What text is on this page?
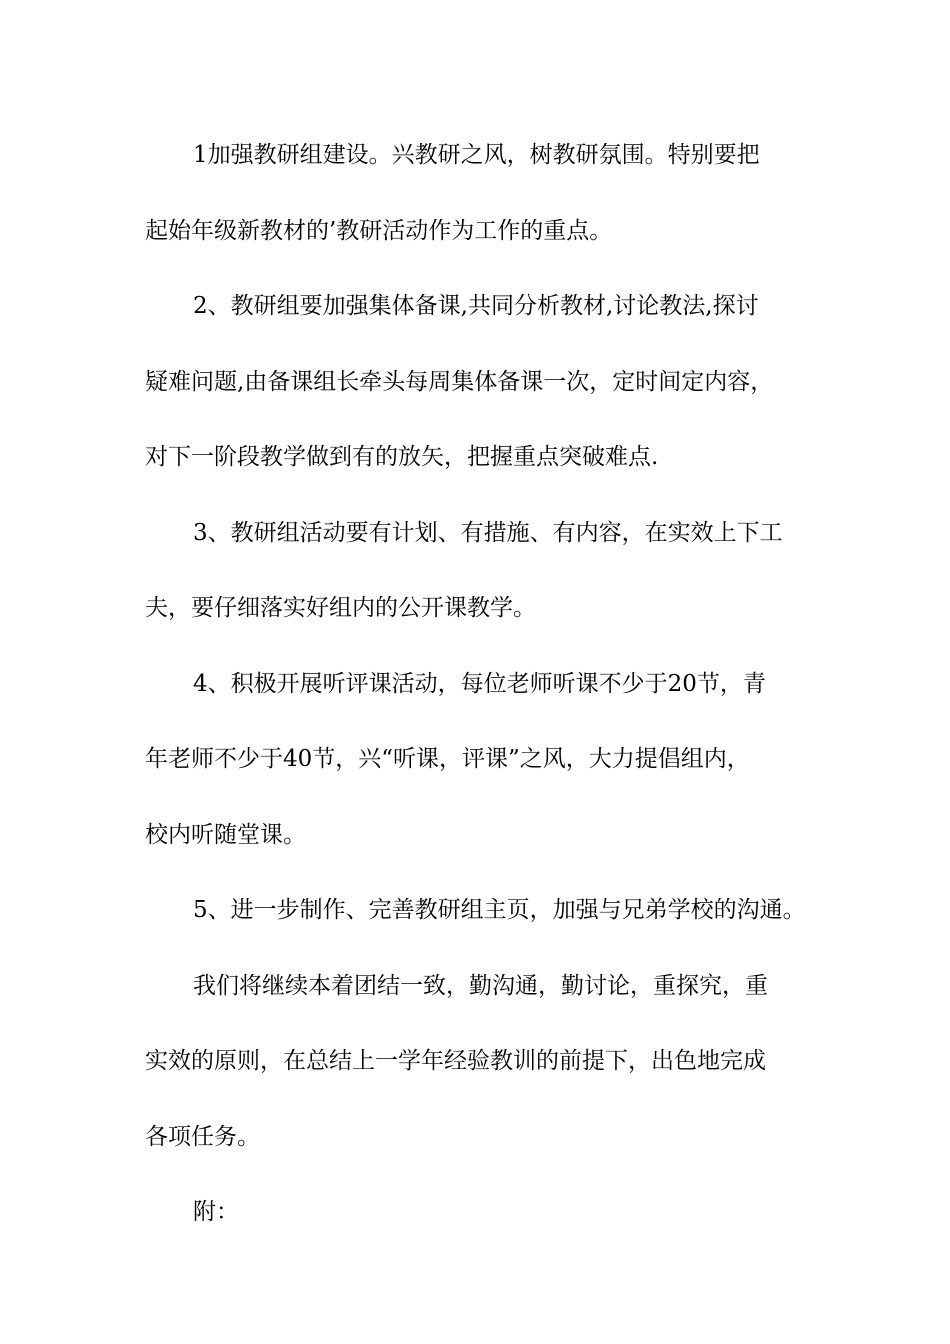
1加强教研组建设。兴教研之风，树教研氛围。特别要把
起始年级新教材的’教研活动作为工作的重点。
2、教研组要加强集体备课,共同分析教材,讨论教法,探讨
疑难问题,由备课组长牵头每周集体备课一次，定时间定内容，
对下一阶段教学做到有的放矢，把握重点突破难点.
3、教研组活动要有计划、有措施、有内容，在实效上下工
夫，要仔细落实好组内的公开课教学。
4、积极开展听评课活动，每位老师听课不少于20节，青
年老师不少于40节，兴“听课，评课”之风，大力提倡组内，
校内听随堂课。
5、进一步制作、完善教研组主页，加强与兄弟学校的沟通。
我们将继续本着团结一致，勤沟通，勤讨论，重探究，重
实效的原则，在总结上一学年经验教训的前提下，出色地完成
各项任务。
附：
